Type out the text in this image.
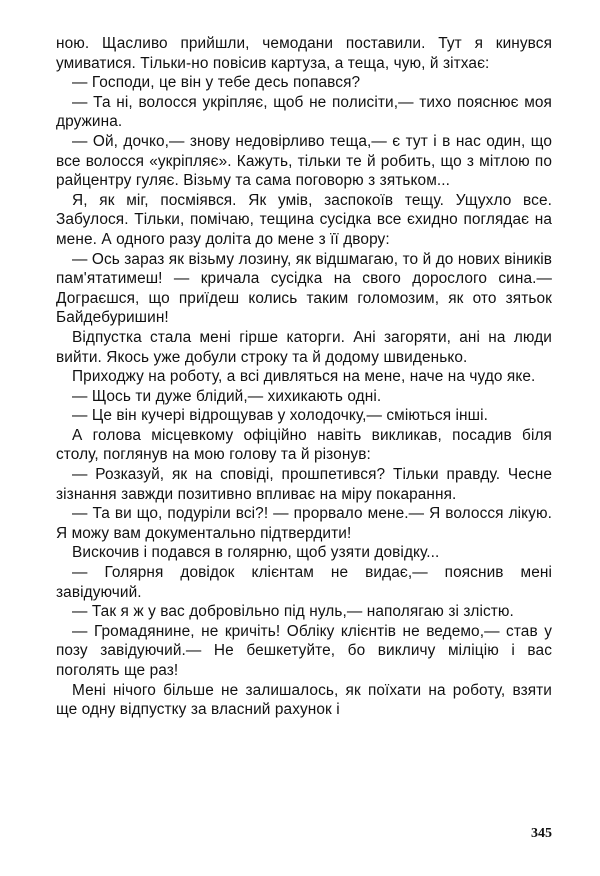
ною. Щасливо прийшли, чемодани поставили. Тут я кинувся умиватися. Тільки-но повісив картуза, а теща, чую, й зітхає:

— Господи, це він у тебе десь попався?

— Та ні, волосся укріпляє, щоб не полисіти,— тихо пояснює моя дружина.

— Ой, дочко,— знову недовірливо теща,— є тут і в нас один, що все волосся «укріпляє». Кажуть, тільки те й робить, що з мітлою по райцентру гуляє. Візьму та сама поговорю з зятьком...

Я, як міг, посміявся. Як умів, заспокоїв тещу. Ущухло все. Забулося. Тільки, помічаю, тещина сусідка все єхидно поглядає на мене. А одного разу доліта до мене з її двору:

— Ось зараз як візьму лозину, як відшмагаю, то й до нових віників пам'ятатимеш! — кричала сусідка на свого дорослого сина.— Дограєшся, що приїдеш колись таким голомозим, як ото зятьок Байдебуришин!

Відпустка стала мені гірше каторги. Ані загоряти, ані на люди вийти. Якось уже добули строку та й додому швиденько.

Приходжу на роботу, а всі дивляться на мене, наче на чудо яке.

— Щось ти дуже блідий,— хихикають одні.

— Це він кучері відрощував у холодочку,— сміються інші.

А голова місцевкому офіційно навіть викликав, посадив біля столу, поглянув на мою голову та й різонув:

— Розказуй, як на сповіді, прошпетився? Тільки правду. Чесне зізнання завжди позитивно впливає на міру покарання.

— Та ви що, подуріли всі?! — прорвало мене.— Я волосся лікую. Я можу вам документально підтвердити!

Вискочив і подався в голярню, щоб узяти довідку...

— Голярня довідок клієнтам не видає,— пояснив мені завідуючий.

— Так я ж у вас добровільно під нуль,— наполягаю зі злістю.

— Громадянине, не кричіть! Обліку клієнтів не ведемо,— став у позу завідуючий.— Не бешкетуйте, бо викличу міліцію і вас поголять ще раз!

Мені нічого більше не залишалось, як поїхати на роботу, взяти ще одну відпустку за власний рахунок і

345
